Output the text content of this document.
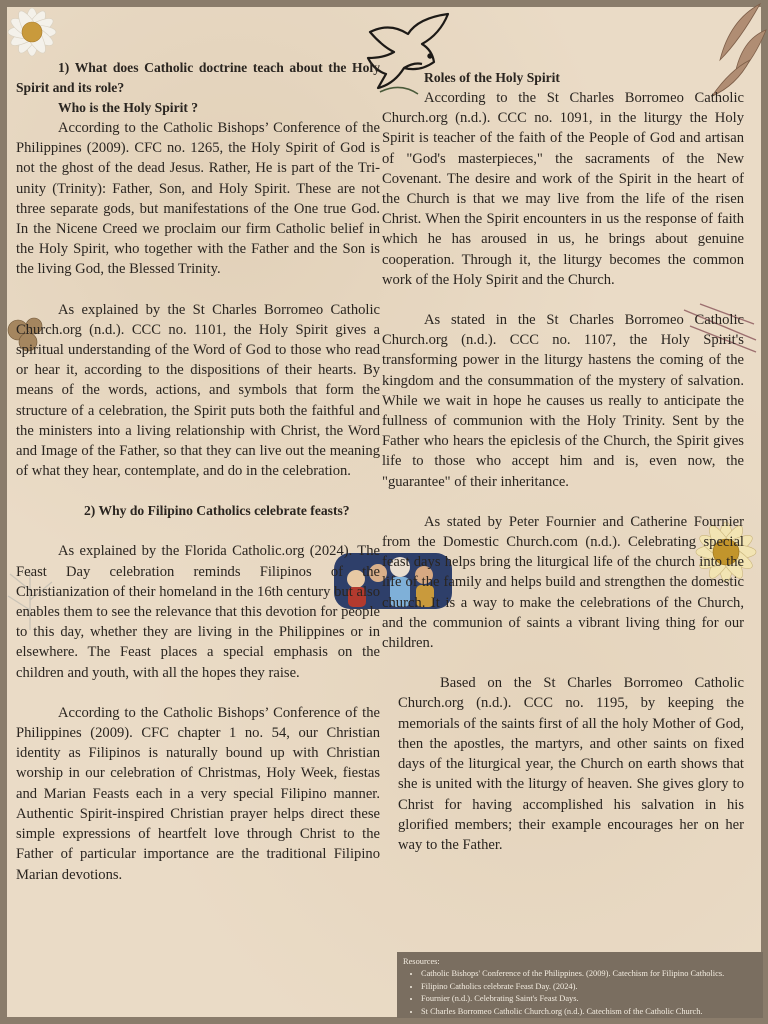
1) What does Catholic doctrine teach about the Holy Spirit and its role?

Who is the Holy Spirit ?

According to the Catholic Bishops’ Conference of the Philippines (2009). CFC no. 1265, the Holy Spirit of God is not the ghost of the dead Jesus. Rather, He is part of the Tri-unity (Trinity): Father, Son, and Holy Spirit. These are not three separate gods, but manifestations of the One true God. In the Nicene Creed we proclaim our firm Catholic belief in the Holy Spirit, who together with the Father and the Son is the living God, the Blessed Trinity.

As explained by the St Charles Borromeo Catholic Church.org (n.d.). CCC no. 1101, the Holy Spirit gives a spiritual understanding of the Word of God to those who read or hear it, according to the dispositions of their hearts. By means of the words, actions, and symbols that form the structure of a celebration, the Spirit puts both the faithful and the ministers into a living relationship with Christ, the Word and Image of the Father, so that they can live out the meaning of what they hear, contemplate, and do in the celebration.

2) Why do Filipino Catholics celebrate feasts?

As explained by the Florida Catholic.org (2024). The Feast Day celebration reminds Filipinos of the Christianization of their homeland in the 16th century but also enables them to see the relevance that this devotion for people to this day, whether they are living in the Philippines or in elsewhere. The Feast places a special emphasis on the children and youth, with all the hopes they raise.

According to the Catholic Bishops’ Conference of the Philippines (2009). CFC chapter 1 no. 54, our Christian identity as Filipinos is naturally bound up with Christian worship in our celebration of Christmas, Holy Week, fiestas and Marian Feasts each in a very special Filipino manner. Authentic Spirit-inspired Christian prayer helps direct these simple expressions of heartfelt love through Christ to the Father of particular importance are the traditional Filipino Marian devotions.

Roles of the Holy Spirit

According to the St Charles Borromeo Catholic Church.org (n.d.). CCC no. 1091, in the liturgy the Holy Spirit is teacher of the faith of the People of God and artisan of "God's masterpieces," the sacraments of the New Covenant. The desire and work of the Spirit in the heart of the Church is that we may live from the life of the risen Christ. When the Spirit encounters in us the response of faith which he has aroused in us, he brings about genuine cooperation. Through it, the liturgy becomes the common work of the Holy Spirit and the Church.

As stated in the St Charles Borromeo Catholic Church.org (n.d.). CCC no. 1107, the Holy Spirit's transforming power in the liturgy hastens the coming of the kingdom and the consummation of the mystery of salvation. While we wait in hope he causes us really to anticipate the fullness of communion with the Holy Trinity. Sent by the Father who hears the epiclesis of the Church, the Spirit gives life to those who accept him and is, even now, the "guarantee" of their inheritance.

As stated by Peter Fournier and Catherine Fournier from the Domestic Church.com (n.d.). Celebrating special feast days helps bring the liturgical life of the church into the life of the family and helps build and strengthen the domestic church. It is a way to make the celebrations of the Church, and the communion of saints a vibrant living thing for our children.

Based on the St Charles Borromeo Catholic Church.org (n.d.). CCC no. 1195, by keeping the memorials of the saints first of all the holy Mother of God, then the apostles, the martyrs, and other saints on fixed days of the liturgical year, the Church on earth shows that she is united with the liturgy of heaven. She gives glory to Christ for having accomplished his salvation in his glorified members; their example encourages her on her way to the Father.

Resources:
• Catholic Bishops' Conference of the Philippines. (2009). Catechism for Filipino Catholics.
• Filipino Catholics celebrate Feast Day. (2024).
• Fournier (n.d.). Celebrating Saint's Feast Days.
• St Charles Borromeo Catholic Church.org (n.d.). Catechism of the Catholic Church.
